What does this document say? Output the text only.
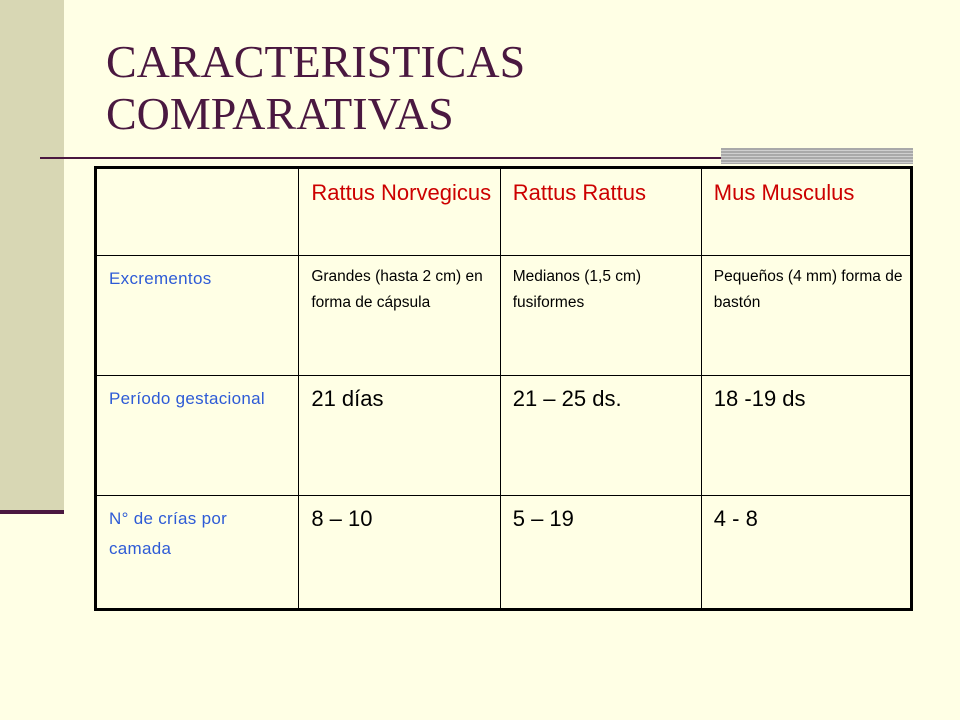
CARACTERISTICAS COMPARATIVAS
	Rattus Norvegicus	Rattus Rattus	Mus Musculus
Excrementos	Grandes (hasta 2 cm) en forma de cápsula	Medianos (1,5 cm) fusiformes	Pequeños (4 mm) forma de bastón
Período gestacional	21 días	21 – 25 ds.	18 -19 ds
N° de crías por camada	8 – 10	5 – 19	4 - 8
